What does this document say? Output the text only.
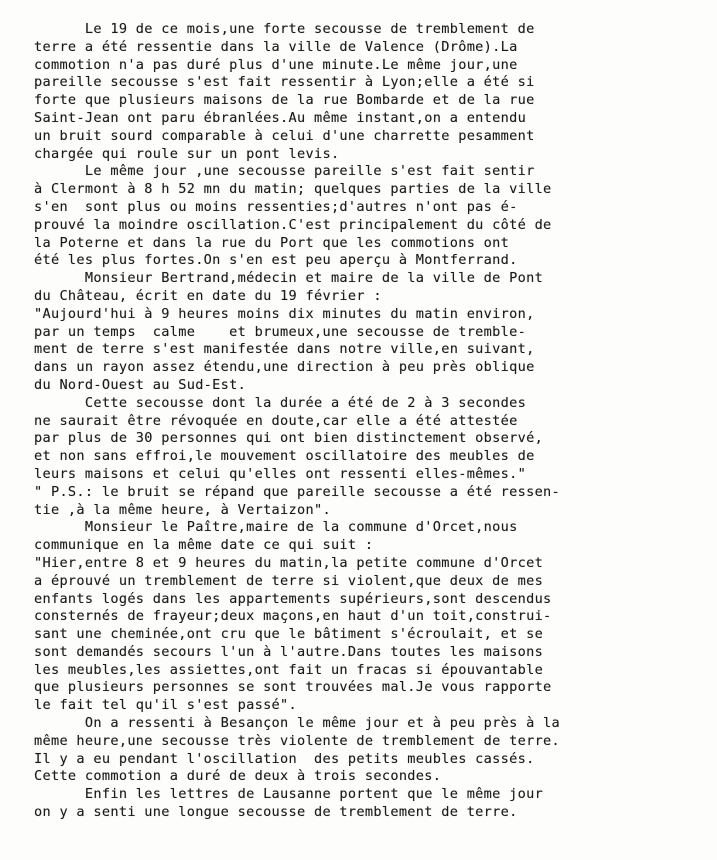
Le 19 de ce mois,une forte secousse de tremblement de
terre a été ressentie dans la ville de Valence (Drôme).La
commotion n'a pas duré plus d'une minute.Le même jour,une
pareille secousse s'est fait ressentir à Lyon;elle a été si
forte que plusieurs maisons de la rue Bombarde et de la rue
Saint-Jean ont paru ébranlées.Au même instant,on a entendu
un bruit sourd comparable à celui d'une charrette pesamment
chargée qui roule sur un pont levis.
Le même jour ,une secousse pareille s'est fait sentir
à Clermont à 8 h 52 mn du matin; quelques parties de la ville
s'en  sont plus ou moins ressenties;d'autres n'ont pas é-
prouvé la moindre oscillation.C'est principalement du côté de
la Poterne et dans la rue du Port que les commotions ont
été les plus fortes.On s'en est peu aperçu à Montferrand.
Monsieur Bertrand,médecin et maire de la ville de Pont
du Château, écrit en date du 19 février :
"Aujourd'hui à 9 heures moins dix minutes du matin environ,
par un temps  calme    et brumeux,une secousse de tremble-
ment de terre s'est manifestée dans notre ville,en suivant,
dans un rayon assez étendu,une direction à peu près oblique
du Nord-Ouest au Sud-Est.
Cette secousse dont la durée a été de 2 à 3 secondes
ne saurait être révoquée en doute,car elle a été attestée
par plus de 30 personnes qui ont bien distinctement observé,
et non sans effroi,le mouvement oscillatoire des meubles de
leurs maisons et celui qu'elles ont ressenti elles-mêmes."
" P.S.: le bruit se répand que pareille secousse a été ressen-
tie ,à la même heure, à Vertaizon".
Monsieur le Paître,maire de la commune d'Orcet,nous
communique en la même date ce qui suit :
"Hier,entre 8 et 9 heures du matin,la petite commune d'Orcet
a éprouvé un tremblement de terre si violent,que deux de mes
enfants logés dans les appartements supérieurs,sont descendus
consternés de frayeur;deux maçons,en haut d'un toit,construi-
sant une cheminée,ont cru que le bâtiment s'écroulait, et se
sont demandés secours l'un à l'autre.Dans toutes les maisons
les meubles,les assiettes,ont fait un fracas si épouvantable
que plusieurs personnes se sont trouvées mal.Je vous rapporte
le fait tel qu'il s'est passé".
On a ressenti à Besançon le même jour et à peu près à la
même heure,une secousse très violente de tremblement de terre.
Il y a eu pendant l'oscillation  des petits meubles cassés.
Cette commotion a duré de deux à trois secondes.
Enfin les lettres de Lausanne portent que le même jour
on y a senti une longue secousse de tremblement de terre.
